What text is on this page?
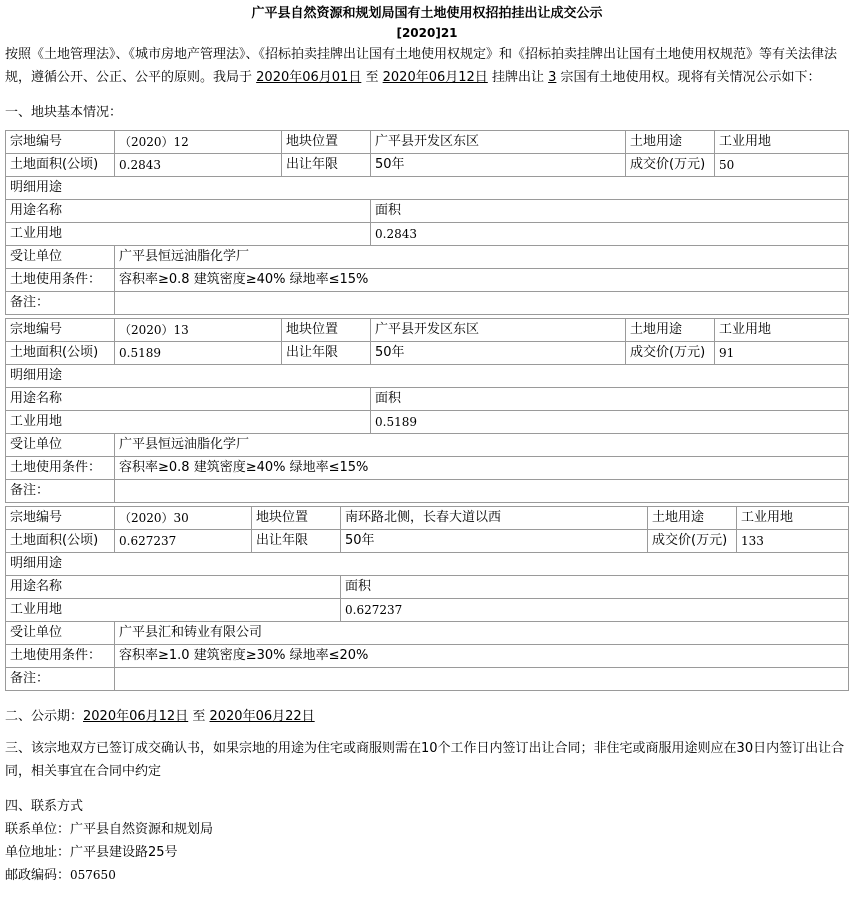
广平县自然资源和规划局国有土地使用权招拍挂出让成交公示
[2020]21

按照《土地管理法》、《城市房地产管理法》、《招标拍卖挂牌出让国有土地使用权规定》和《招标拍卖挂牌出让国有土地使用权规范》等有关法律法规，遵循公开、公正、公平的原则。我局于 2020年06月01日 至 2020年06月12日 挂牌出让 3 宗国有土地使用权。现将有关情况公示如下：

一、地块基本情况：
宗地编号	（2020）12	地块位置	广平县开发区东区	土地用途	工业用地
土地面积(公顷)	0.2843	出让年限	50年	成交价(万元)	50
明细用途					
用途名称			面积		
工业用地			0.2843		
受让单位	广平县恒远油脂化学厂				
土地使用条件：	容积率≥0.8 建筑密度≥40% 绿地率≤15%				
备注：					
宗地编号	（2020）13	地块位置	广平县开发区东区	土地用途	工业用地
土地面积(公顷)	0.5189	出让年限	50年	成交价(万元)	91
明细用途					
用途名称			面积		
工业用地			0.5189		
受让单位	广平县恒远油脂化学厂				
土地使用条件：	容积率≥0.8 建筑密度≥40% 绿地率≤15%				
备注：					
宗地编号	（2020）30	地块位置	南环路北侧，长春大道以西	土地用途	工业用地
土地面积(公顷)	0.627237	出让年限	50年	成交价(万元)	133
明细用途					
用途名称			面积		
工业用地			0.627237		
受让单位	广平县汇和铸业有限公司				
土地使用条件：	容积率≥1.0 建筑密度≥30% 绿地率≤20%				
备注：					
二、公示期：2020年06月12日 至 2020年06月22日

三、该宗地双方已签订成交确认书，如果宗地的用途为住宅或商服则需在10个工作日内签订出让合同；非住宅或商服用途则应在30日内签订出让合同，相关事宜在合同中约定

四、联系方式
联系单位：广平县自然资源和规划局
单位地址：广平县建设路25号
邮政编码：057650
